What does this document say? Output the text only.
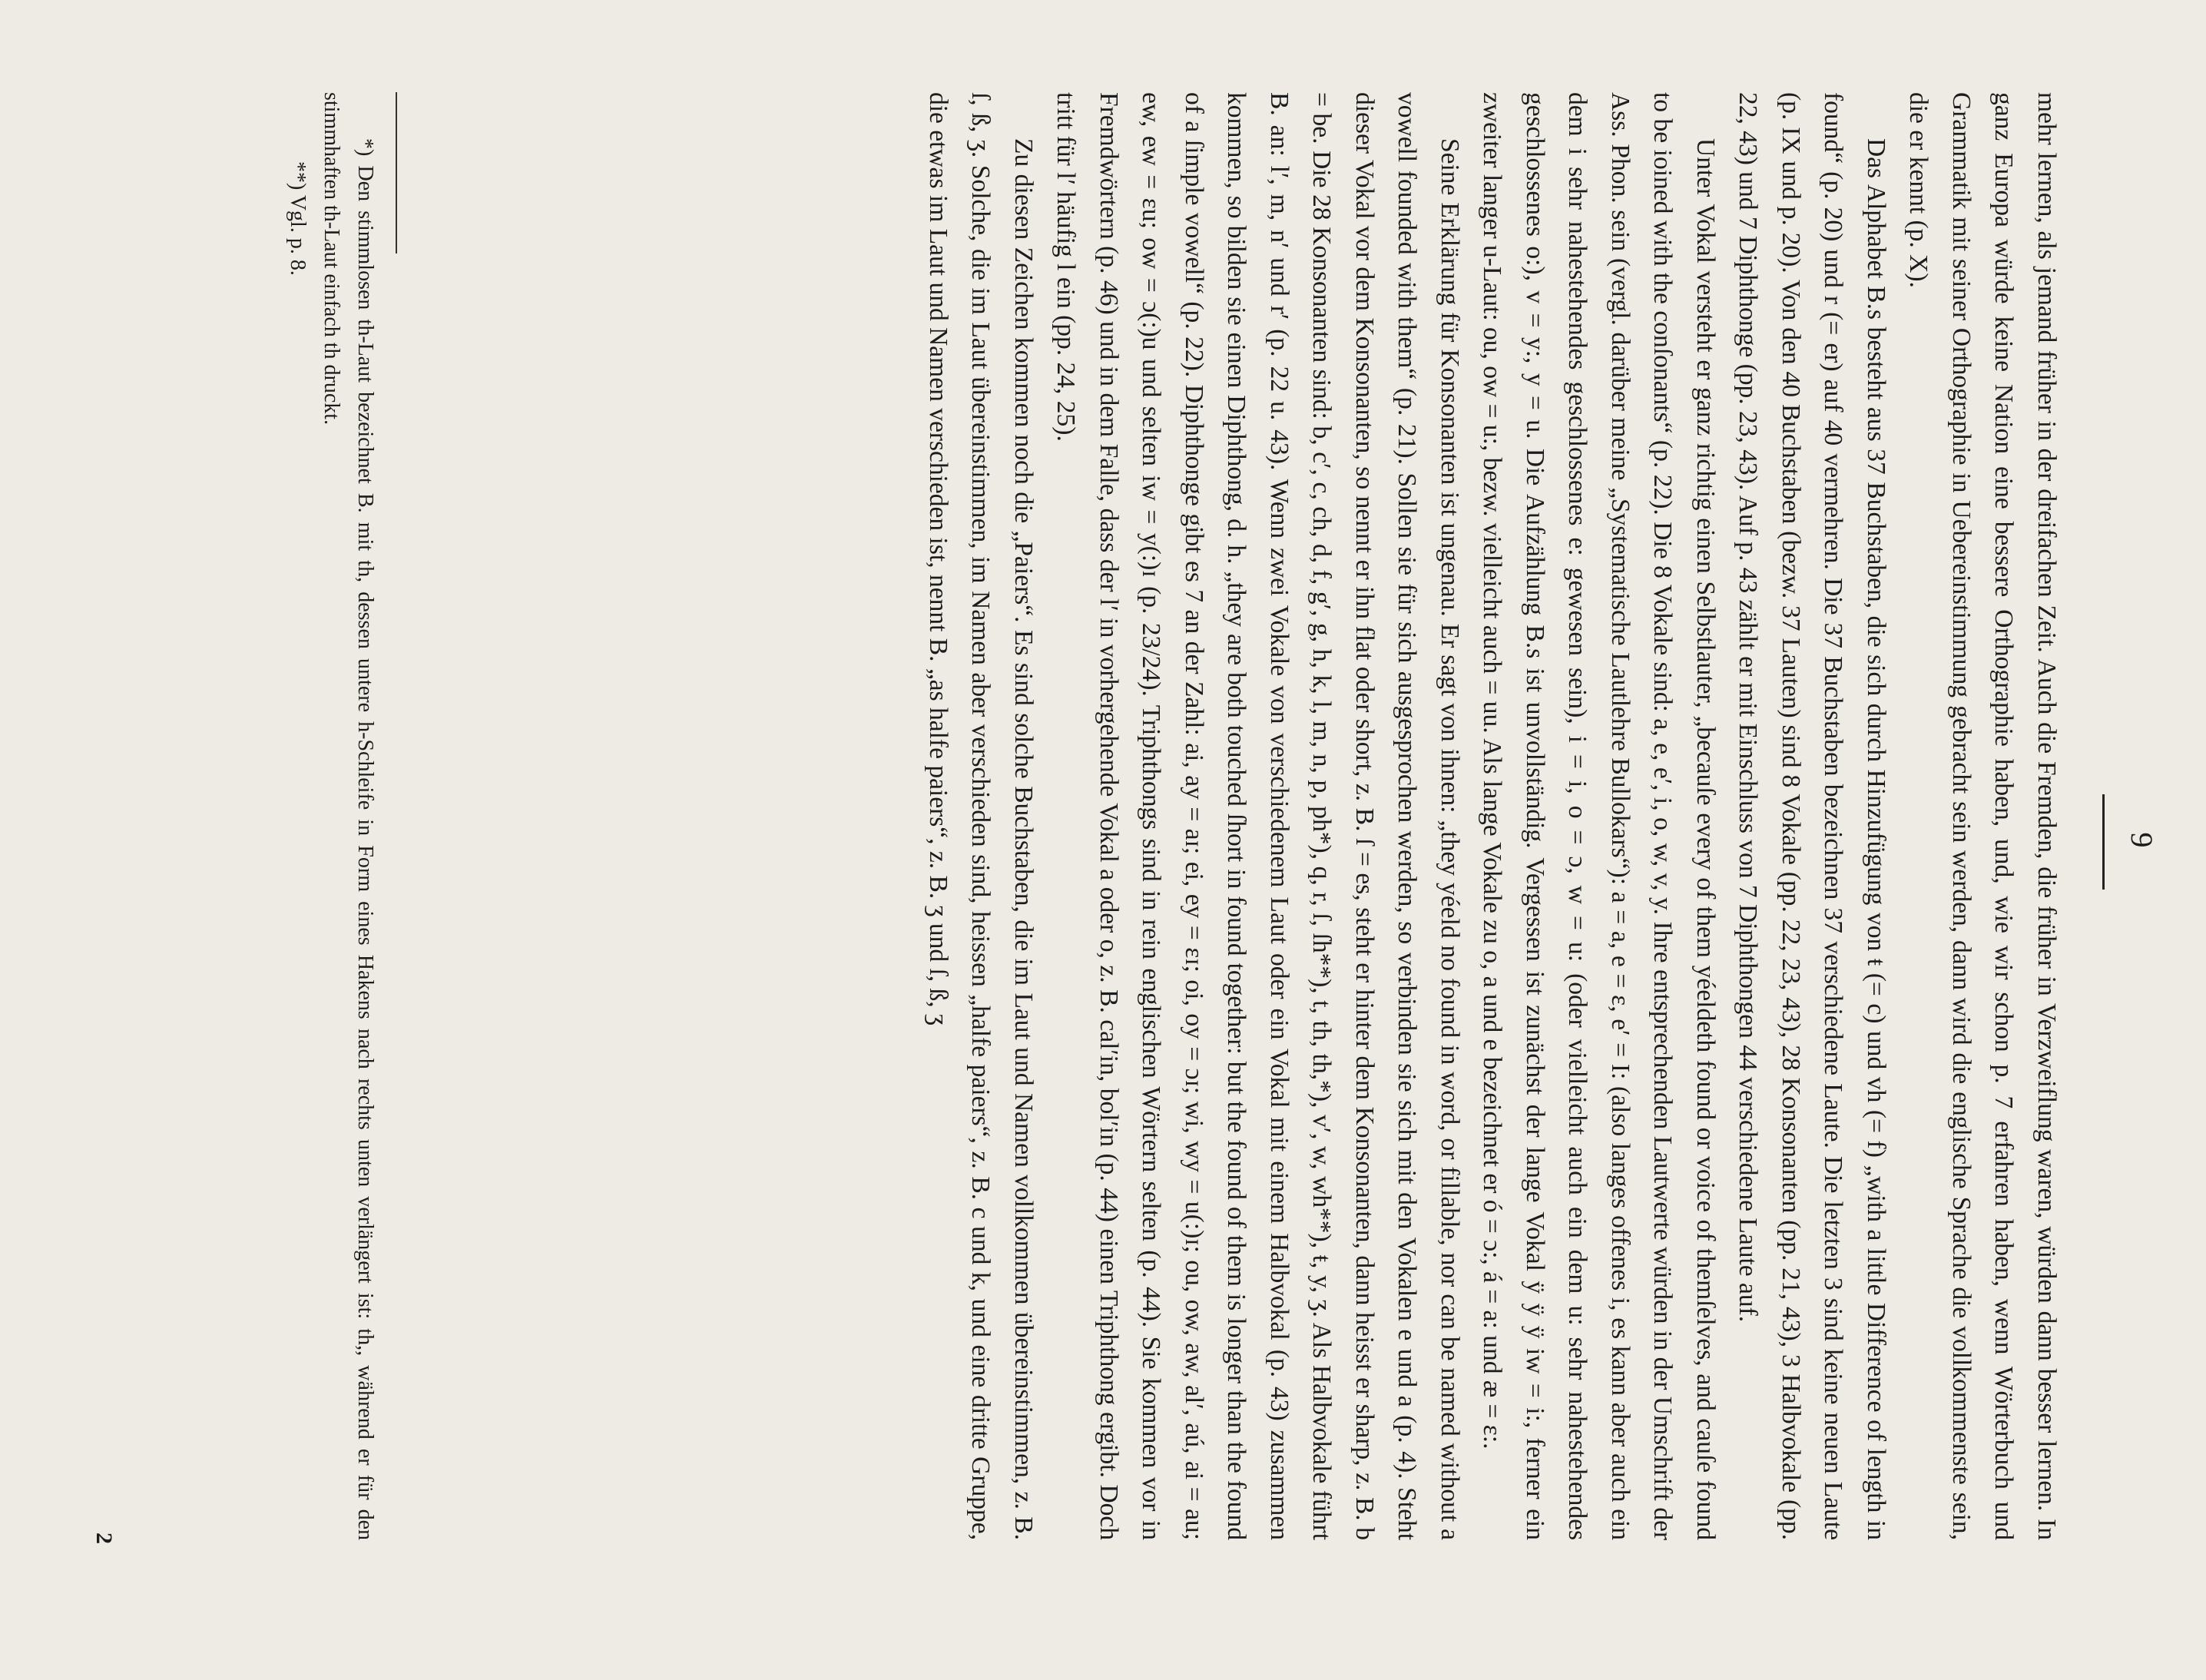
9

mehr lernen, als jemand früher in der dreifachen Zeit. Auch die Fremden, die früher in Verzweiflung waren, würden dann besser lernen. In ganz Europa würde keine Nation eine bessere Orthographie haben, und, wie wir schon p. 7 erfahren haben, wenn Wörterbuch und Grammatik mit seiner Orthographie in Uebereinstimmung gebracht sein werden, dann wird die englische Sprache die vollkommenste sein, die er kennt (p. X).

Das Alphabet B.s besteht aus 37 Buchstaben, die sich durch Hinzufügung von ŧ (= c) und vh (= f) „with a little Difference of length in found“ (p. 20) und r (= er) auf 40 vermehren. Die 37 Buchstaben bezeichnen 37 verschiedene Laute. Die letzten 3 sind keine neuen Laute (p. IX und p. 20). Von den 40 Buchstaben (bezw. 37 Lauten) sind 8 Vokale (pp. 22, 23, 43), 28 Konsonanten (pp. 21, 43), 3 Halbvokale (pp. 22, 43) und 7 Diphthonge (pp. 23, 43). Auf p. 43 zählt er mit Einschluss von 7 Diphthongen 44 verschiedene Laute auf.

Unter Vokal versteht er ganz richtig einen Selbstlauter, „becauſe every of them yéeldeth found or voice of themſelves, and cauſe found to be ioined with the conſonants“ (p. 22). Die 8 Vokale sind: a, e, e′, i, o, w, v, y. Ihre entsprechenden Lautwerte würden in der Umschrift der Ass. Phon. sein (vergl. darüber meine „Systematische Lautlehre Bullokars“): a = a, e = ɛ, e′ = I: (also langes offenes i, es kann aber auch ein dem i sehr nahestehendes geschlossenes e: gewesen sein), i = i, o = ɔ, w = u: (oder vielleicht auch ein dem u: sehr nahestehendes geschlossenes o:), v = y:, y = u. Die Aufzählung B.s ist unvollständig. Vergessen ist zunächst der lange Vokal ÿ ÿ ÿ iw = i:, ferner ein zweiter langer u-Laut: ou, ow = u:, bezw. vielleicht auch = uu. Als lange Vokale zu o, a und e bezeichnet er ó = ɔ:, á = a: und æ = ɛ:.

Seine Erklärung für Konsonanten ist ungenau. Er sagt von ihnen: „they yéeld no found in word, or fillable, nor can be named without a vowell founded with them“ (p. 21). Sollen sie für sich ausgesprochen werden, so verbinden sie sich mit den Vokalen e und a (p. 4). Steht dieser Vokal vor dem Konsonanten, so nennt er ihn flat oder short, z. B. ſ = es, steht er hinter dem Konsonanten, dann heisst er sharp, z. B. b = be. Die 28 Konsonanten sind: b, c′, c, ch, d, f, g′, g, h, k, l, m, n, p, ph*), q, r, ſ, ſh**), t, th, th,*), v′, w, wh**), ŧ, y, ʒ. Als Halbvokale führt B. an: l′, m, n′ und r′ (p. 22 u. 43). Wenn zwei Vokale von verschiedenem Laut oder ein Vokal mit einem Halbvokal (p. 43) zusammen kommen, so bilden sie einen Diphthong, d. h. „they are both touched ſhort in found together: but the found of them is longer than the found of a ſimple vowell“ (p. 22). Diphthonge gibt es 7 an der Zahl: ai, ay = aɪ; ei, ey = ɛɪ; oi, oy = ɔɪ; wi, wy = u(:)ɪ; ou, ow, aw, al′, aú, ai = au; ew, ew = ɛu; ow = ɔ(:)u und selten iw = y(:)ɪ (p. 23/24). Triphthongs sind in rein englischen Wörtern selten (p. 44). Sie kommen vor in Fremdwörtern (p. 46) und in dem Falle, dass der l′ in vorhergehende Vokal a oder o, z. B. cal′in, bol′in (p. 44) einen Triphthong ergibt. Doch tritt für l′ häufig l ein (pp. 24, 25).

Zu diesen Zeichen kommen noch die „Paiers“. Es sind solche Buchstaben, die im Laut und Namen vollkommen übereinstimmen, z. B. ſ, ß, ʒ. Solche, die im Laut übereinstimmen, im Namen aber verschieden sind, heissen „halfe paiers“, z. B. c und k, und eine dritte Gruppe, die etwas im Laut und Namen verschieden ist, nennt B. „as halfe paiers“, z. B. ʒ und ſ, ß, ʒ

*) Den stimmlosen th-Laut bezeichnet B. mit th, dessen untere h-Schleife in Form eines Hakens nach rechts unten verlängert ist: th,, während er für den stimmhaften th-Laut einfach th druckt.

**) Vgl. p. 8.

2
